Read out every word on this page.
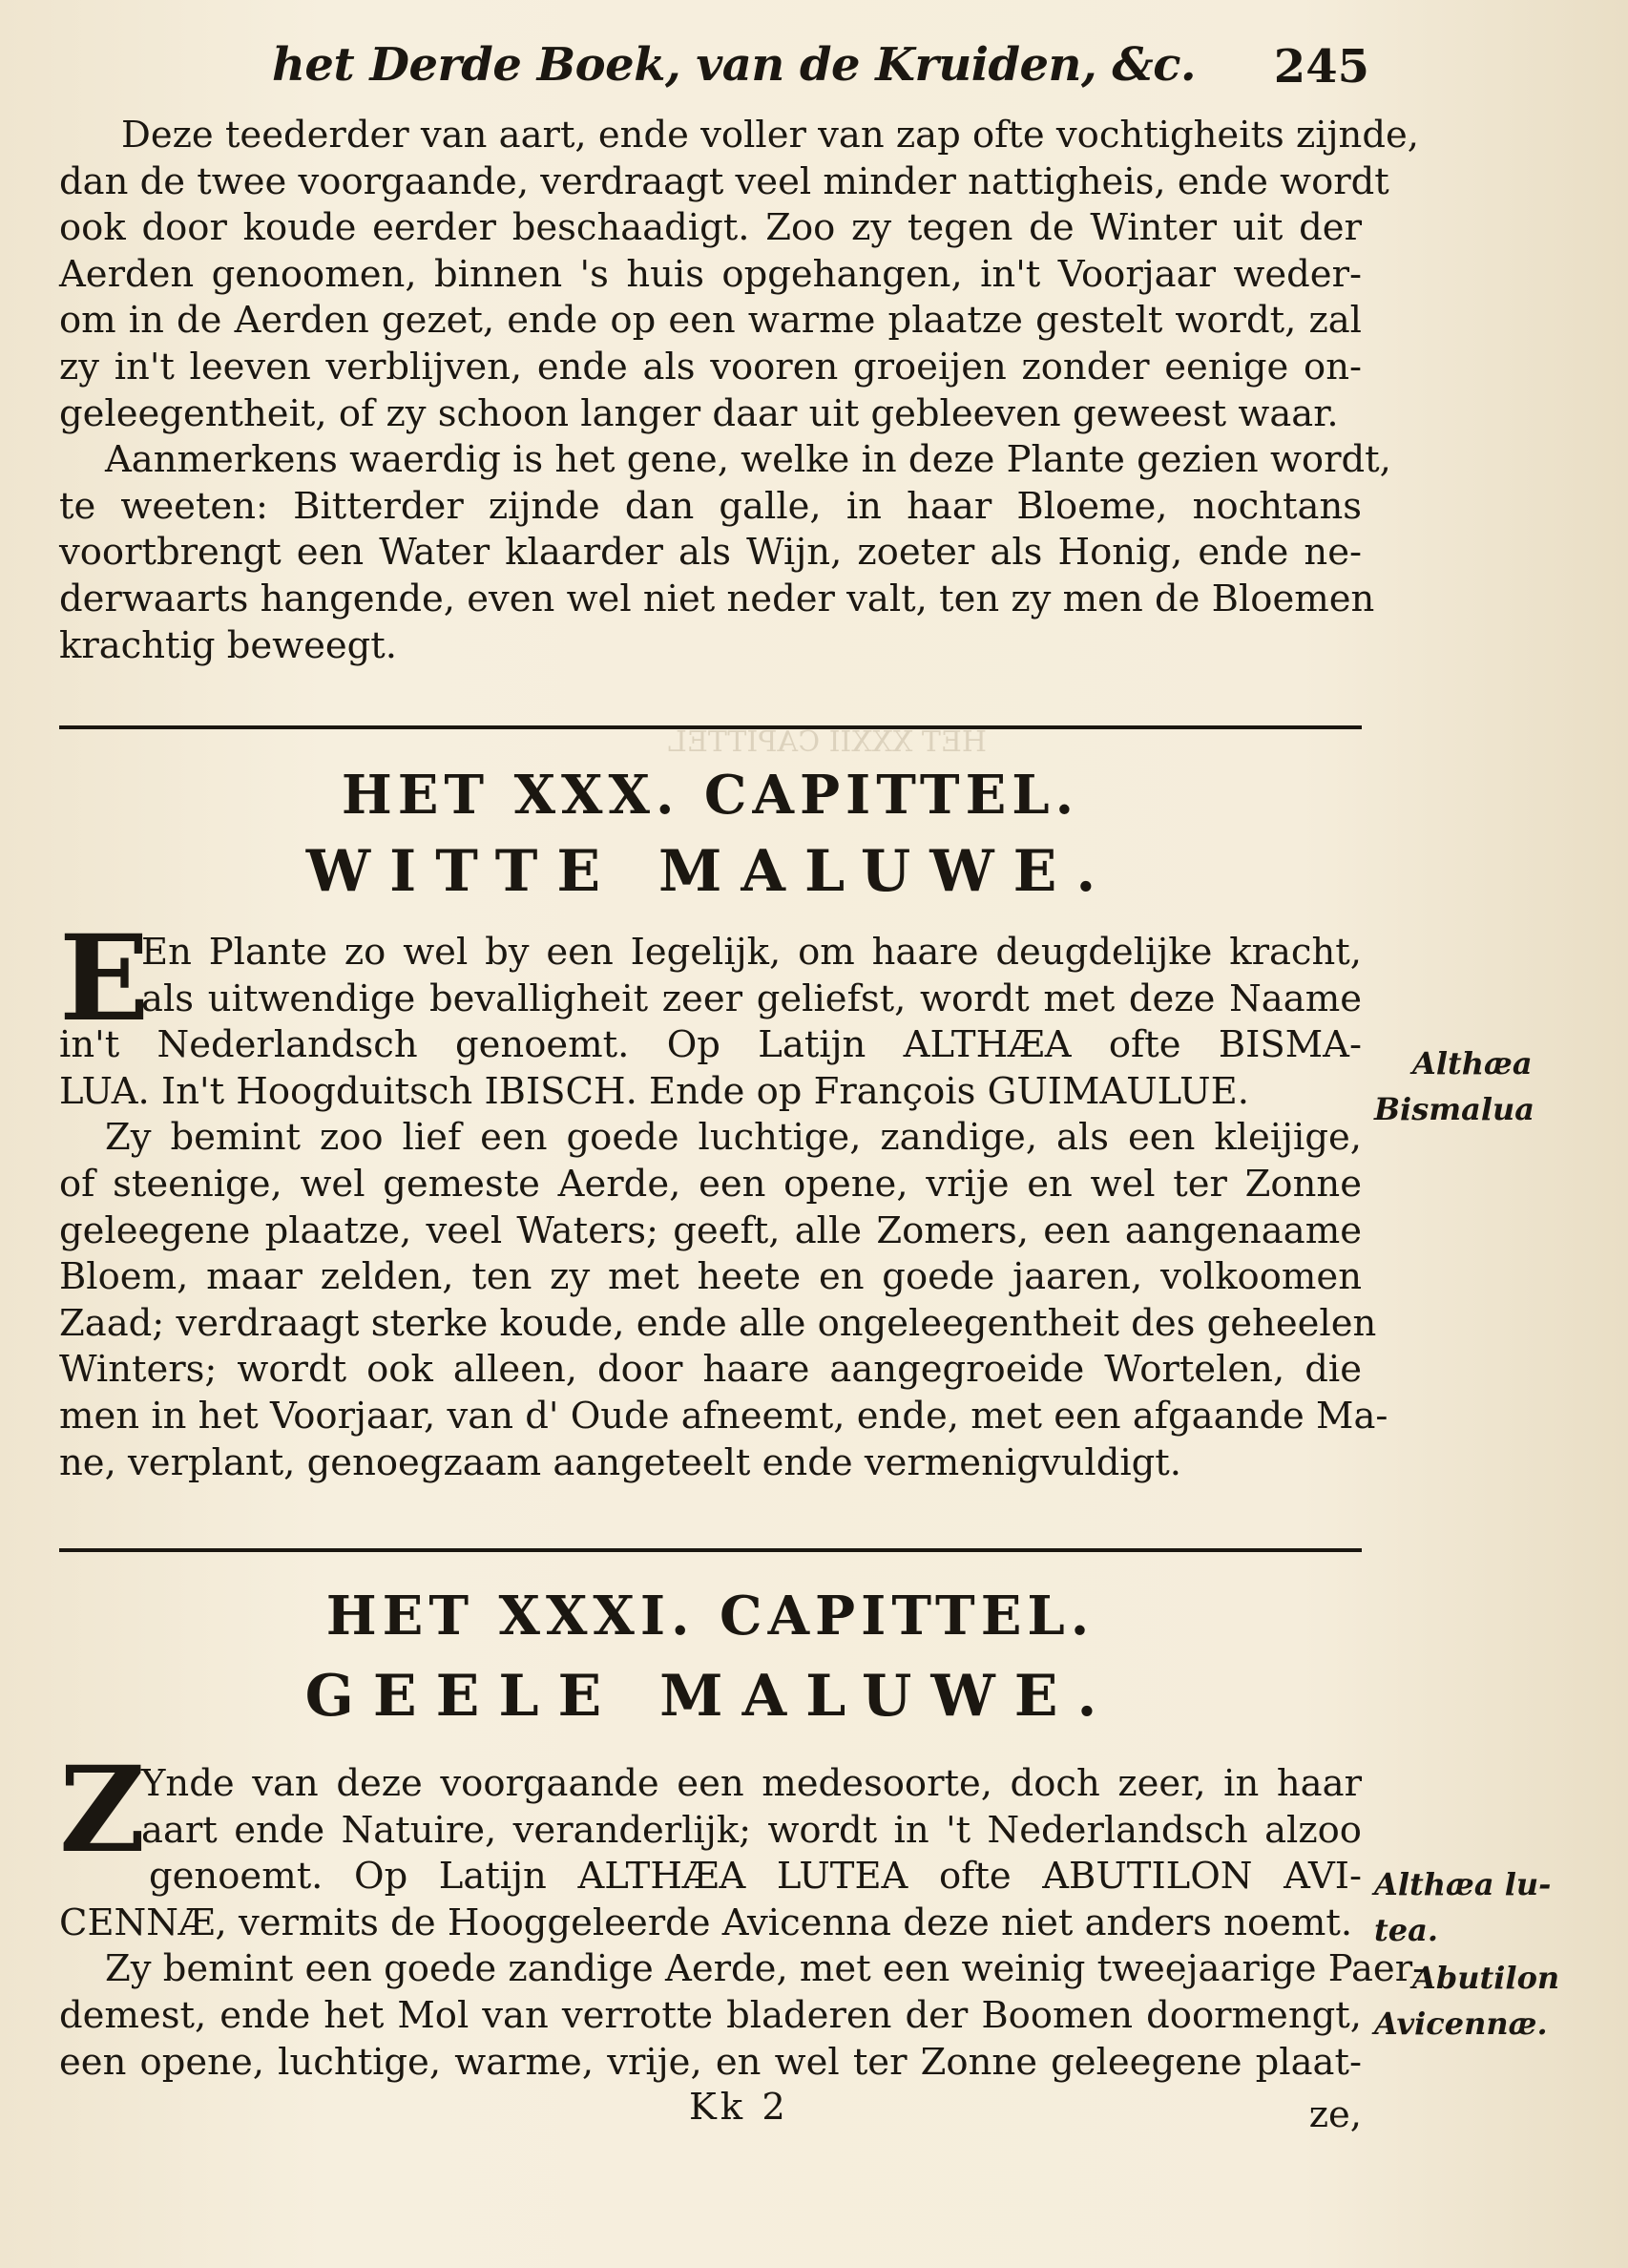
HET XXXII CAPITTEL
het Derde Boek, van de Kruiden, &c. 245
Deze teederder van aart, ende voller van zap ofte vochtigheits zijnde,
dan de twee voorgaande, verdraagt veel minder nattigheis, ende wordt
ook door koude eerder beschaadigt. Zoo zy tegen de Winter uit der
Aerden genoomen, binnen 's huis opgehangen, in't Voorjaar weder-
om in de Aerden gezet, ende op een warme plaatze gestelt wordt, zal
zy in't leeven verblijven, ende als vooren groeijen zonder eenige on-
geleegentheit, of zy schoon langer daar uit gebleeven geweest waar.
Aanmerkens waerdig is het gene, welke in deze Plante gezien wordt,
te weeten: Bitterder zijnde dan galle, in haar Bloeme, nochtans
voortbrengt een Water klaarder als Wijn, zoeter als Honig, ende ne-
derwaarts hangende, even wel niet neder valt, ten zy men de Bloemen
krachtig beweegt.
HET XXX. CAPITTEL.
WITTE MALUWE.
E
En Plante zo wel by een Iegelijk, om haare deugdelijke kracht,
als uitwendige bevalligheit zeer geliefst, wordt met deze Naame
in't Nederlandsch genoemt. Op Latijn ALTHÆA ofte BISMA-
LUA. In't Hoogduitsch IBISCH. Ende op François GUIMAULUE.
Zy bemint zoo lief een goede luchtige, zandige, als een kleijige,
of steenige, wel gemeste Aerde, een opene, vrije en wel ter Zonne
geleegene plaatze, veel Waters; geeft, alle Zomers, een aangenaame
Bloem, maar zelden, ten zy met heete en goede jaaren, volkoomen
Zaad; verdraagt sterke koude, ende alle ongeleegentheit des geheelen
Winters; wordt ook alleen, door haare aangegroeide Wortelen, die
men in het Voorjaar, van d' Oude afneemt, ende, met een afgaande Ma-
ne, verplant, genoegzaam aangeteelt ende vermenigvuldigt.
Althæa
Bismalua
HET XXXI. CAPITTEL.
GEELE MALUWE.
Z
Ynde van deze voorgaande een medesoorte, doch zeer, in haar
aart ende Natuire, veranderlijk; wordt in 't Nederlandsch alzoo
genoemt. Op Latijn ALTHÆA LUTEA ofte ABUTILON AVI-
CENNÆ, vermits de Hooggeleerde Avicenna deze niet anders noemt.
Zy bemint een goede zandige Aerde, met een weinig tweejaarige Paer-
demest, ende het Mol van verrotte bladeren der Boomen doormengt,
een opene, luchtige, warme, vrije, en wel ter Zonne geleegene plaat-
Althæa lu-
tea.
Abutilon
Avicennæ.
Kk 2	ze,
